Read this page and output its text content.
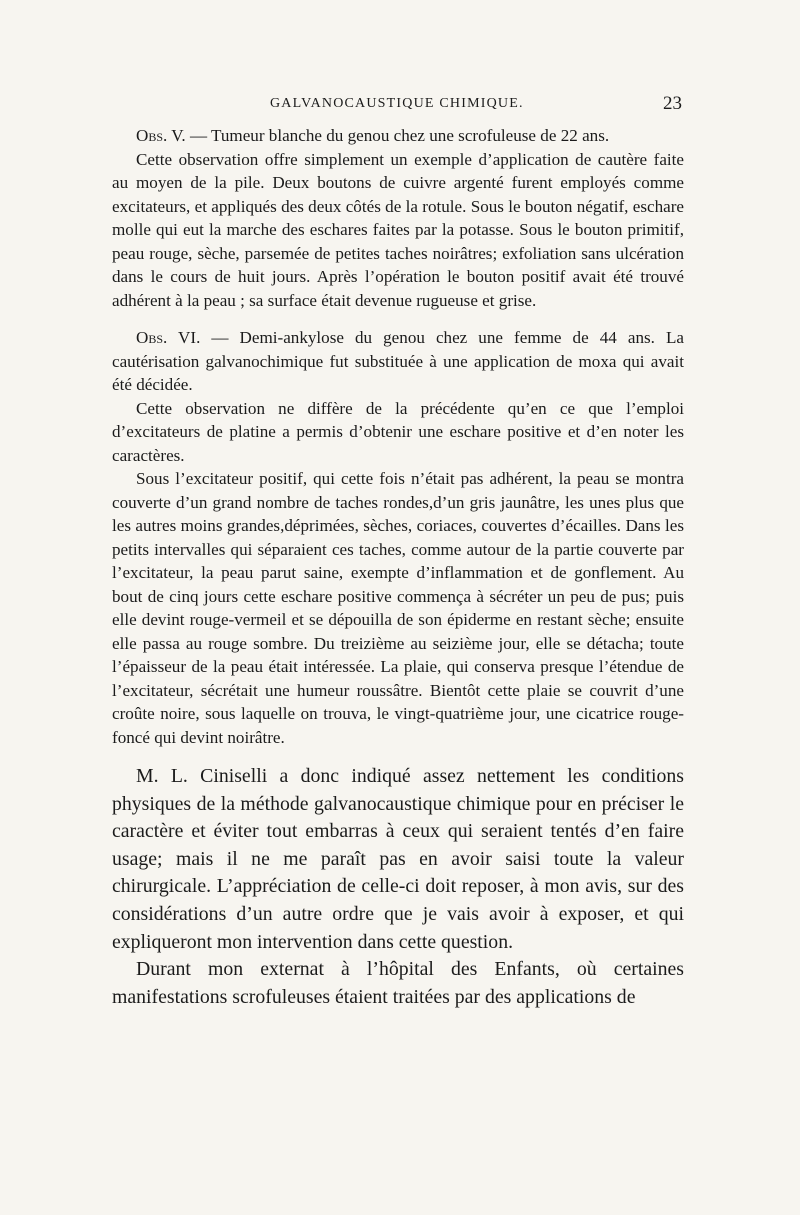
GALVANOCAUSTIQUE CHIMIQUE.	23

Obs. V. — Tumeur blanche du genou chez une scrofuleuse de 22 ans.

Cette observation offre simplement un exemple d’application de cautère faite au moyen de la pile. Deux boutons de cuivre argenté furent employés comme excitateurs, et appliqués des deux côtés de la rotule. Sous le bouton négatif, eschare molle qui eut la marche des eschares faites par la potasse. Sous le bouton primitif, peau rouge, sèche, parsemée de petites taches noirâtres; exfoliation sans ulcération dans le cours de huit jours. Après l’opération le bouton positif avait été trouvé adhérent à la peau ; sa surface était devenue rugueuse et grise.

Obs. VI. — Demi-ankylose du genou chez une femme de 44 ans. La cautérisation galvanochimique fut substituée à une application de moxa qui avait été décidée.

Cette observation ne diffère de la précédente qu’en ce que l’emploi d’excitateurs de platine a permis d’obtenir une eschare positive et d’en noter les caractères.

Sous l’excitateur positif, qui cette fois n’était pas adhérent, la peau se montra couverte d’un grand nombre de taches rondes,d’un gris jaunâtre, les unes plus que les autres moins grandes,déprimées, sèches, coriaces, couvertes d’écailles. Dans les petits intervalles qui séparaient ces taches, comme autour de la partie couverte par l’excitateur, la peau parut saine, exempte d’inflammation et de gonflement. Au bout de cinq jours cette eschare positive commença à sécréter un peu de pus; puis elle devint rouge-vermeil et se dépouilla de son épiderme en restant sèche; ensuite elle passa au rouge sombre. Du treizième au seizième jour, elle se détacha; toute l’épaisseur de la peau était intéressée. La plaie, qui conserva presque l’étendue de l’excitateur, sécrétait une humeur roussâtre. Bientôt cette plaie se couvrit d’une croûte noire, sous laquelle on trouva, le vingt-quatrième jour, une cicatrice rouge-foncé qui devint noirâtre.

M. L. Ciniselli a donc indiqué assez nettement les conditions physiques de la méthode galvanocaustique chimique pour en préciser le caractère et éviter tout embarras à ceux qui seraient tentés d’en faire usage; mais il ne me paraît pas en avoir saisi toute la valeur chirurgicale. L’appréciation de celle-ci doit reposer, à mon avis, sur des considérations d’un autre ordre que je vais avoir à exposer, et qui expliqueront mon intervention dans cette question.

Durant mon externat à l’hôpital des Enfants, où certaines manifestations scrofuleuses étaient traitées par des applications de
